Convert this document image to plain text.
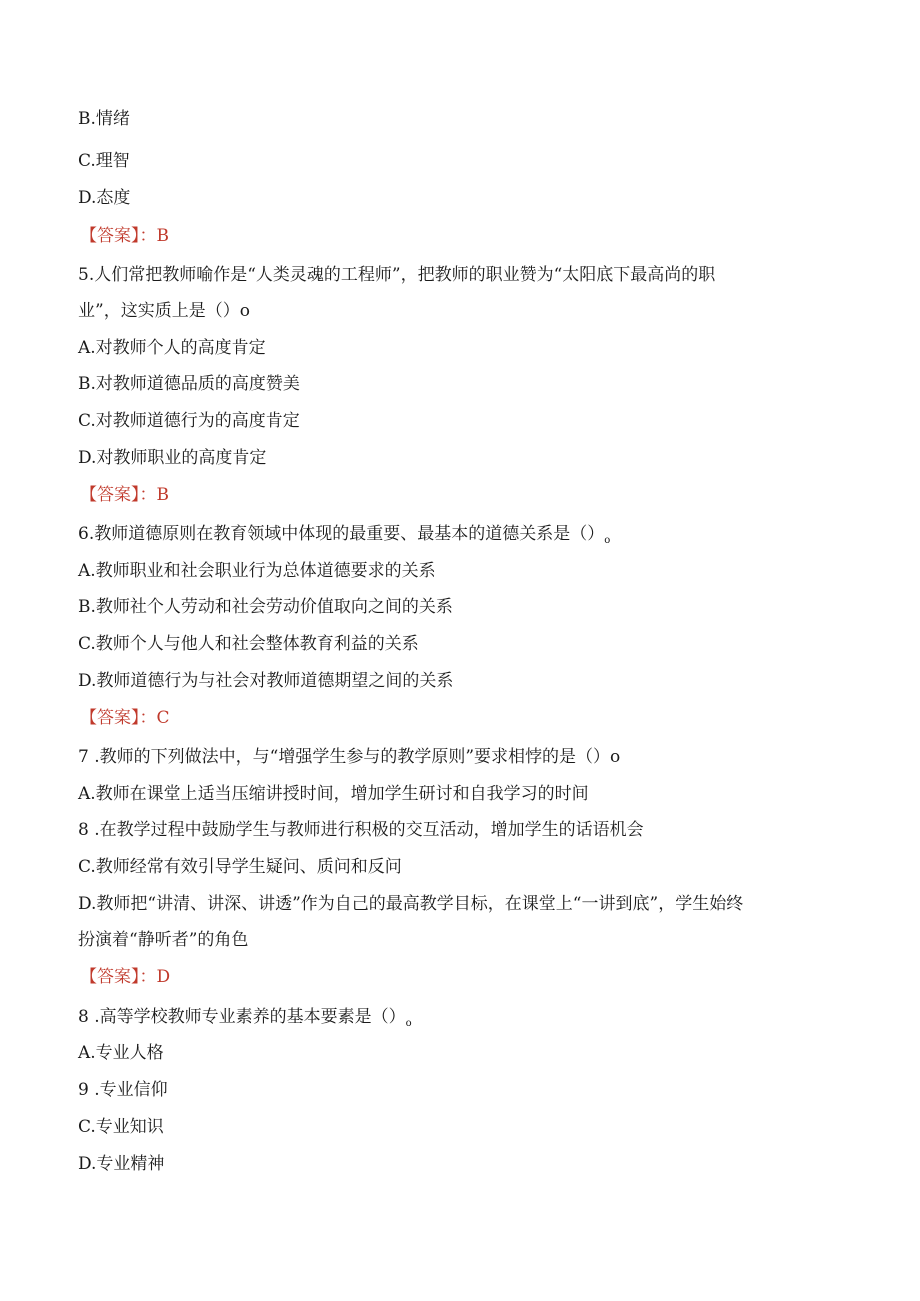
B.情绪
C.理智
D.态度
【答案】：B
5.人们常把教师喻作是“人类灵魂的工程师”，把教师的职业赞为“太阳底下最高尚的职
业”，这实质上是（）o
A.对教师个人的高度肯定
B.对教师道德品质的高度赞美
C.对教师道德行为的高度肯定
D.对教师职业的高度肯定
【答案】：B
6.教师道德原则在教育领域中体现的最重要、最基本的道德关系是$()_o$
A.教师职业和社会职业行为总体道德要求的关系
B.教师社个人劳动和社会劳动价值取向之间的关系
C.教师个人与他人和社会整体教育利益的关系
D.教师道德行为与社会对教师道德期望之间的关系
【答案】：C
7 .教师的下列做法中，与“增强学生参与的教学原则”要求相悖的是（）o
A.教师在课堂上适当压缩讲授时间，增加学生研讨和自我学习的时间
8 .在教学过程中鼓励学生与教师进行积极的交互活动，增加学生的话语机会
C.教师经常有效引导学生疑问、质问和反问
D.教师把“讲清、讲深、讲透”作为自己的最高教学目标，在课堂上“一讲到底”，学生始终
扮演着“静听者”的角色
【答案】：D
8 .高等学校教师专业素养的基本要素是$()_o$
A.专业人格
9 .专业信仰
C.专业知识
D.专业精神
